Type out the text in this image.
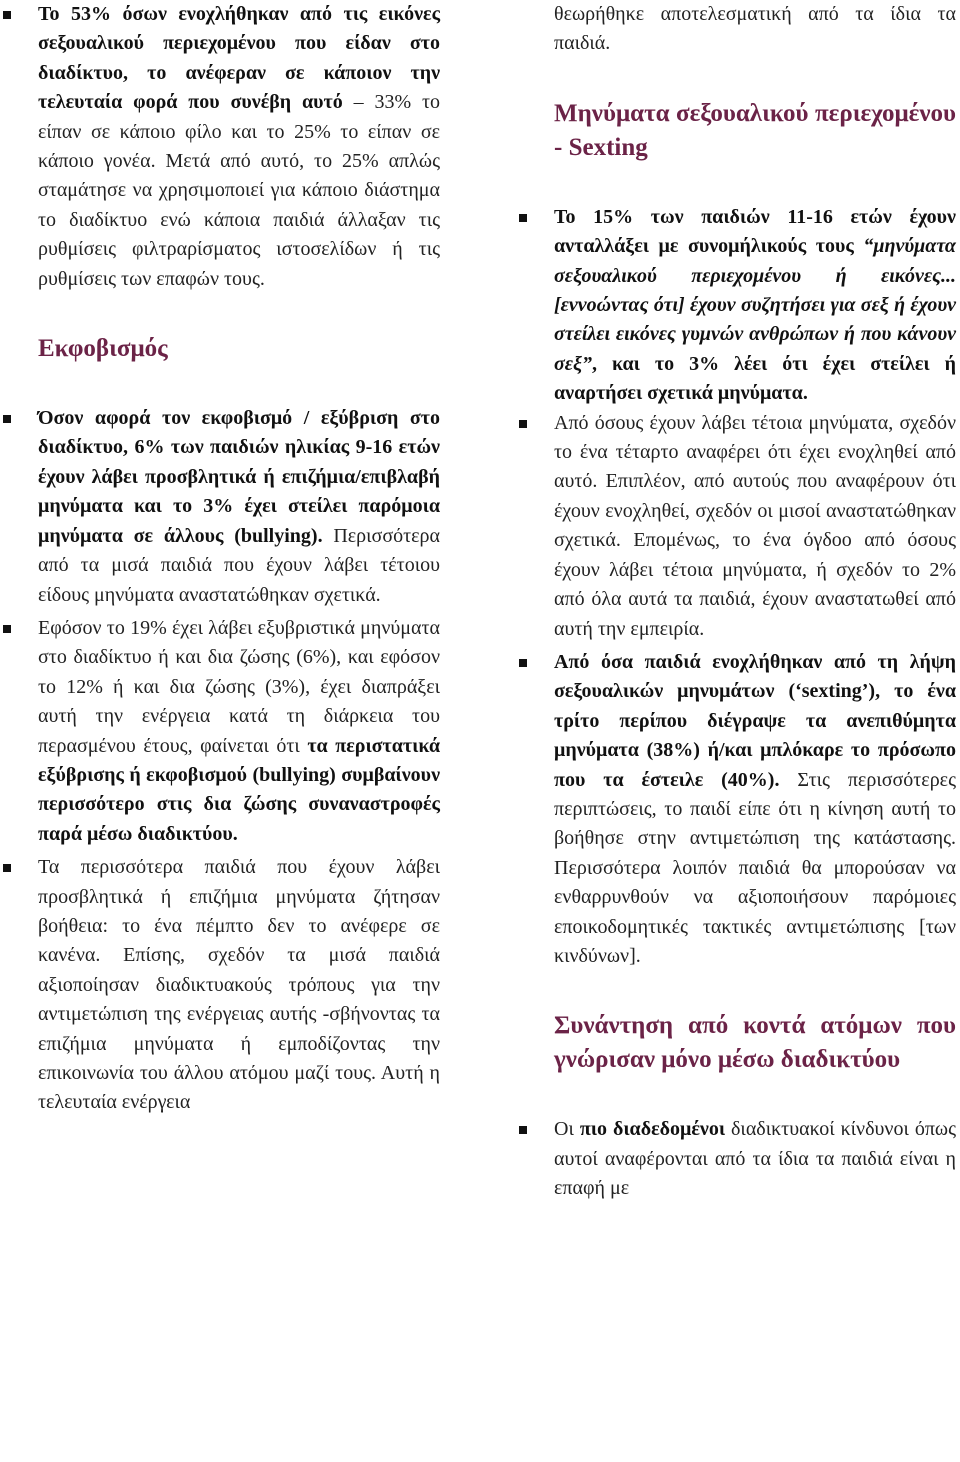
Το 53% όσων ενοχλήθηκαν από τις εικόνες σεξουαλικού περιεχομένου που είδαν στο διαδίκτυο, το ανέφεραν σε κάποιον την τελευταία φορά που συνέβη αυτό – 33% το είπαν σε κάποιο φίλο και το 25% το είπαν σε κάποιο γονέα. Μετά από αυτό, το 25% απλώς σταμάτησε να χρησιμοποιεί για κάποιο διάστημα το διαδίκτυο ενώ κάποια παιδιά άλλαξαν τις ρυθμίσεις φιλτραρίσματος ιστοσελίδων ή τις ρυθμίσεις των επαφών τους.

Εκφοβισμός

Όσον αφορά τον εκφοβισμό / εξύβριση στο διαδίκτυο, 6% των παιδιών ηλικίας 9-16 ετών έχουν λάβει προσβλητικά ή επιζήμια/επιβλαβή μηνύματα και το 3% έχει στείλει παρόμοια μηνύματα σε άλλους (bullying). Περισσότερα από τα μισά παιδιά που έχουν λάβει τέτοιου είδους μηνύματα αναστατώθηκαν σχετικά.

Εφόσον το 19% έχει λάβει εξυβριστικά μηνύματα στο διαδίκτυο ή και δια ζώσης (6%), και εφόσον το 12% ή και δια ζώσης (3%), έχει διαπράξει αυτή την ενέργεια κατά τη διάρκεια του περασμένου έτους, φαίνεται ότι τα περιστατικά εξύβρισης ή εκφοβισμού (bullying) συμβαίνουν περισσότερο στις δια ζώσης συναναστροφές παρά μέσω διαδικτύου.

Τα περισσότερα παιδιά που έχουν λάβει προσβλητικά ή επιζήμια μηνύματα ζήτησαν βοήθεια: το ένα πέμπτο δεν το ανέφερε σε κανένα. Επίσης, σχεδόν τα μισά παιδιά αξιοποίησαν διαδικτυακούς τρόπους για την αντιμετώπιση της ενέργειας αυτής -σβήνοντας τα επιζήμια μηνύματα ή εμποδίζοντας την επικοινωνία του άλλου ατόμου μαζί τους. Αυτή η τελευταία ενέργεια

θεωρήθηκε αποτελεσματική από τα ίδια τα παιδιά.

Μηνύματα σεξουαλικού περιεχομένου - Sexting

Το 15% των παιδιών 11-16 ετών έχουν ανταλλάξει με συνομήλικούς τους “μηνύματα σεξουαλικού περιεχομένου ή εικόνες... [εννοώντας ότι] έχουν συζητήσει για σεξ ή έχουν στείλει εικόνες γυμνών ανθρώπων ή που κάνουν σεξ”, και το 3% λέει ότι έχει στείλει ή αναρτήσει σχετικά μηνύματα.

Από όσους έχουν λάβει τέτοια μηνύματα, σχεδόν το ένα τέταρτο αναφέρει ότι έχει ενοχληθεί από αυτό. Επιπλέον, από αυτούς που αναφέρουν ότι έχουν ενοχληθεί, σχεδόν οι μισοί αναστατώθηκαν σχετικά. Επομένως, το ένα όγδοο από όσους έχουν λάβει τέτοια μηνύματα, ή σχεδόν το 2% από όλα αυτά τα παιδιά, έχουν αναστατωθεί από αυτή την εμπειρία.

Από όσα παιδιά ενοχλήθηκαν από τη λήψη σεξουαλικών μηνυμάτων (‘sexting’), το ένα τρίτο περίπου διέγραψε τα ανεπιθύμητα μηνύματα (38%) ή/και μπλόκαρε το πρόσωπο που τα έστειλε (40%). Στις περισσότερες περιπτώσεις, το παιδί είπε ότι η κίνηση αυτή το βοήθησε στην αντιμετώπιση της κατάστασης. Περισσότερα λοιπόν παιδιά θα μπορούσαν να ενθαρρυνθούν να αξιοποιήσουν παρόμοιες εποικοδομητικές τακτικές αντιμετώπισης [των κινδύνων].

Συνάντηση από κοντά ατόμων που γνώρισαν μόνο μέσω διαδικτύου

Οι πιο διαδεδομένοι διαδικτυακοί κίνδυνοι όπως αυτοί αναφέρονται από τα ίδια τα παιδιά είναι η επαφή με
